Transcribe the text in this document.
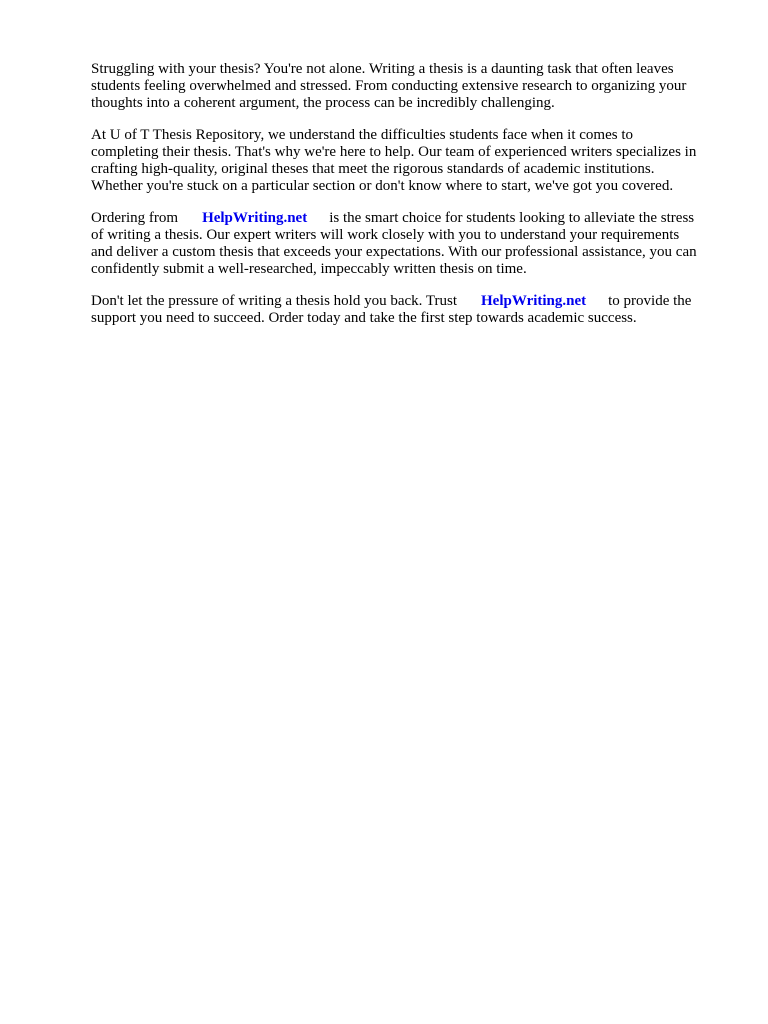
Struggling with your thesis? You're not alone. Writing a thesis is a daunting task that often leaves
students feeling overwhelmed and stressed. From conducting extensive research to organizing your
thoughts into a coherent argument, the process can be incredibly challenging.

At U of T Thesis Repository, we understand the difficulties students face when it comes to
completing their thesis. That's why we're here to help. Our team of experienced writers specializes in
crafting high-quality, original theses that meet the rigorous standards of academic institutions.
Whether you're stuck on a particular section or don't know where to start, we've got you covered.

Ordering from HelpWriting.net is the smart choice for students looking to alleviate the stress
of writing a thesis. Our expert writers will work closely with you to understand your requirements
and deliver a custom thesis that exceeds your expectations. With our professional assistance, you can
confidently submit a well-researched, impeccably written thesis on time.

Don't let the pressure of writing a thesis hold you back. Trust HelpWriting.net to provide the
support you need to succeed. Order today and take the first step towards academic success.
